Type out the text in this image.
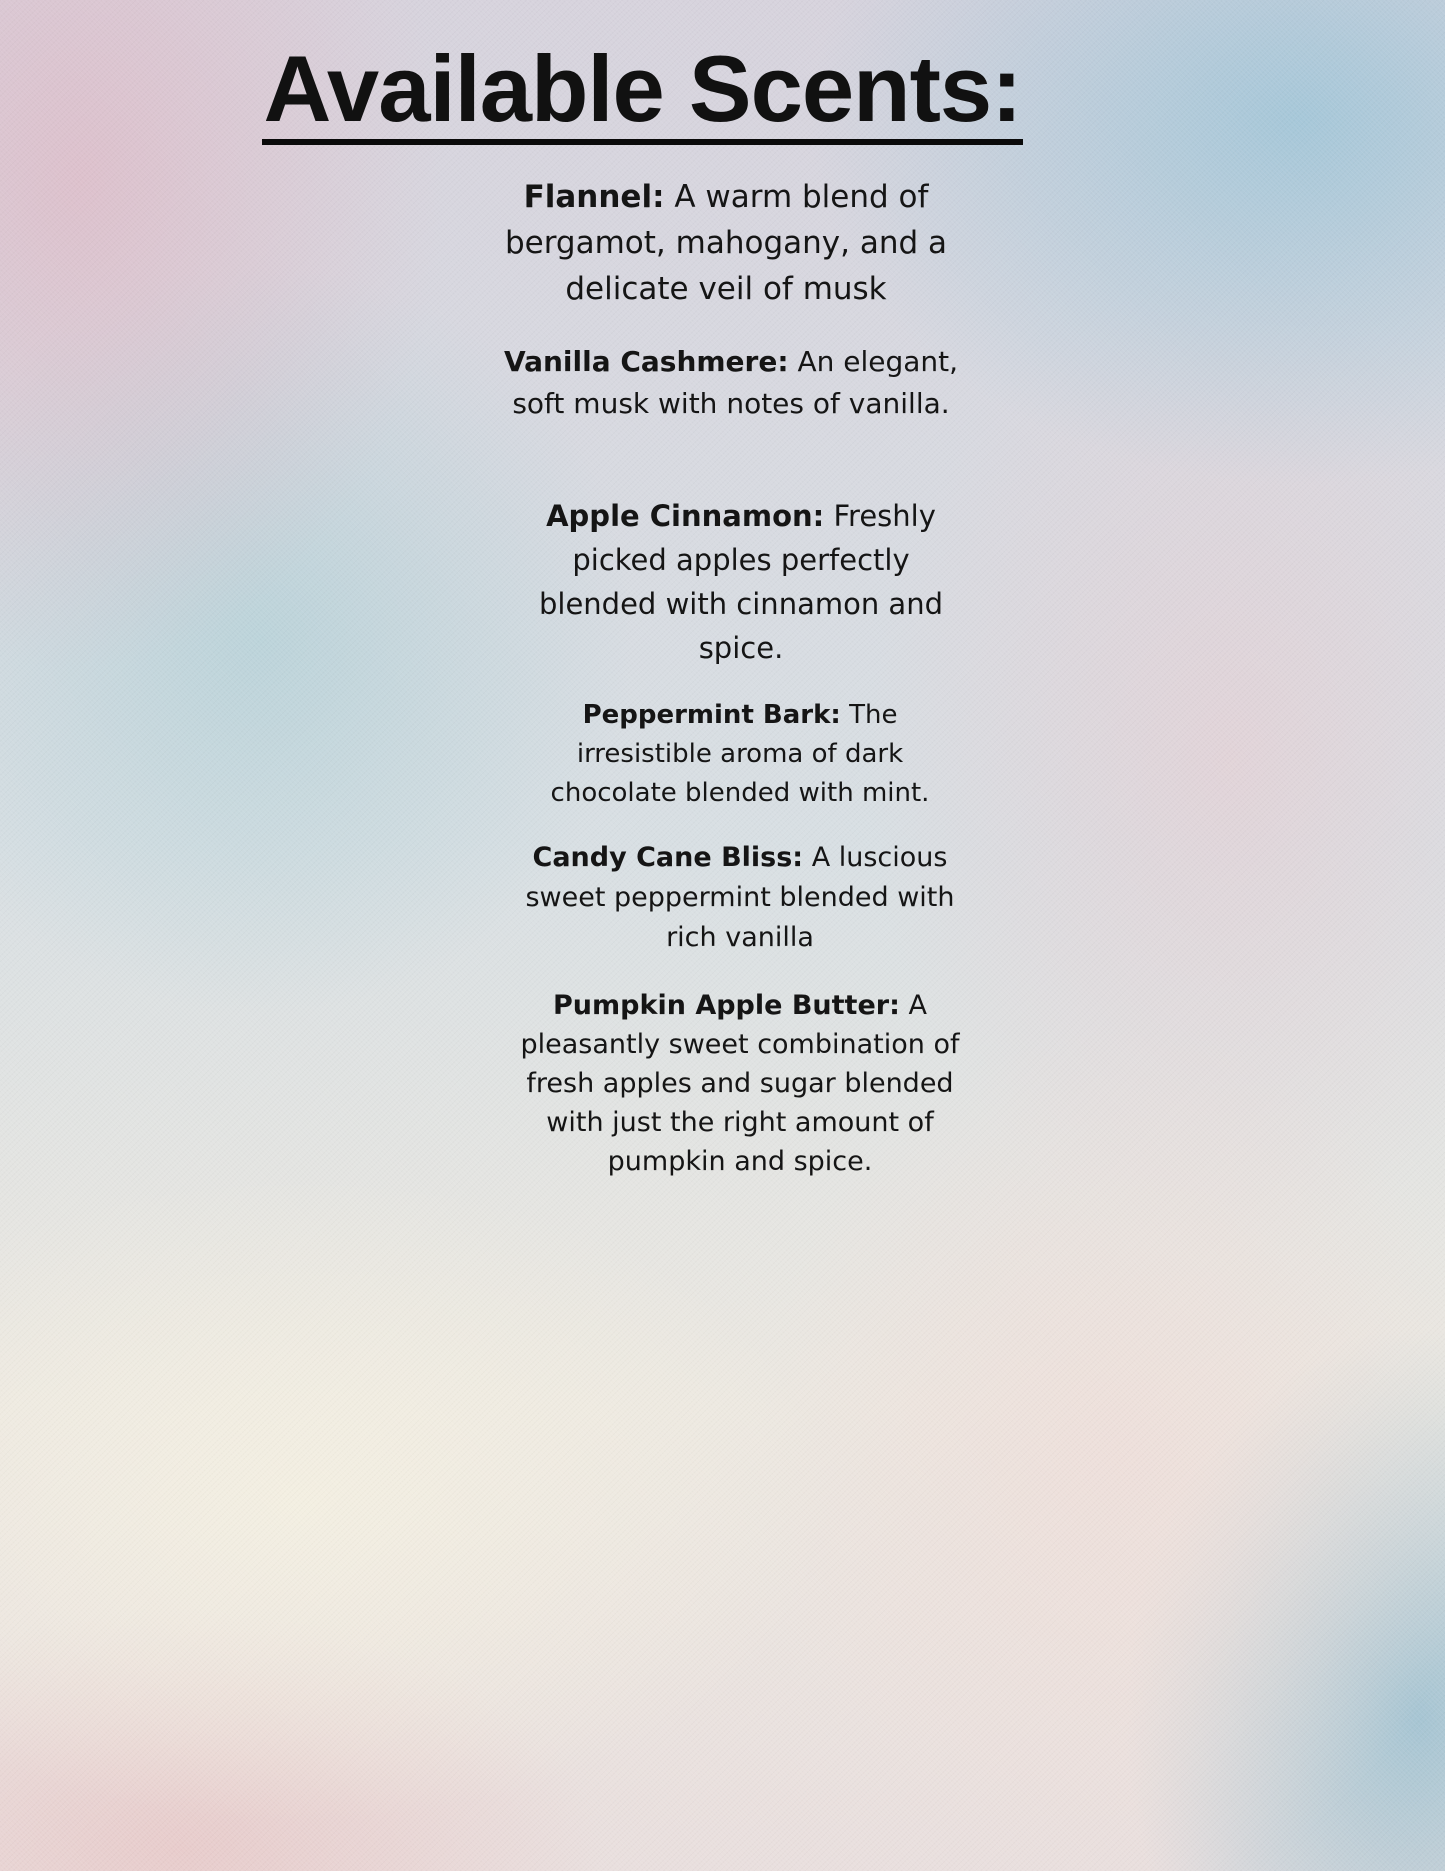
Available Scents:
Flannel: A warm blend of bergamot, mahogany, and a delicate veil of musk
Vanilla Cashmere: An elegant, soft musk with notes of vanilla.
Apple Cinnamon: Freshly picked apples perfectly blended with cinnamon and spice.
Peppermint Bark: The irresistible aroma of dark chocolate blended with mint.
Candy Cane Bliss: A luscious sweet peppermint blended with rich vanilla
Pumpkin Apple Butter: A pleasantly sweet combination of fresh apples and sugar blended with just the right amount of pumpkin and spice.
